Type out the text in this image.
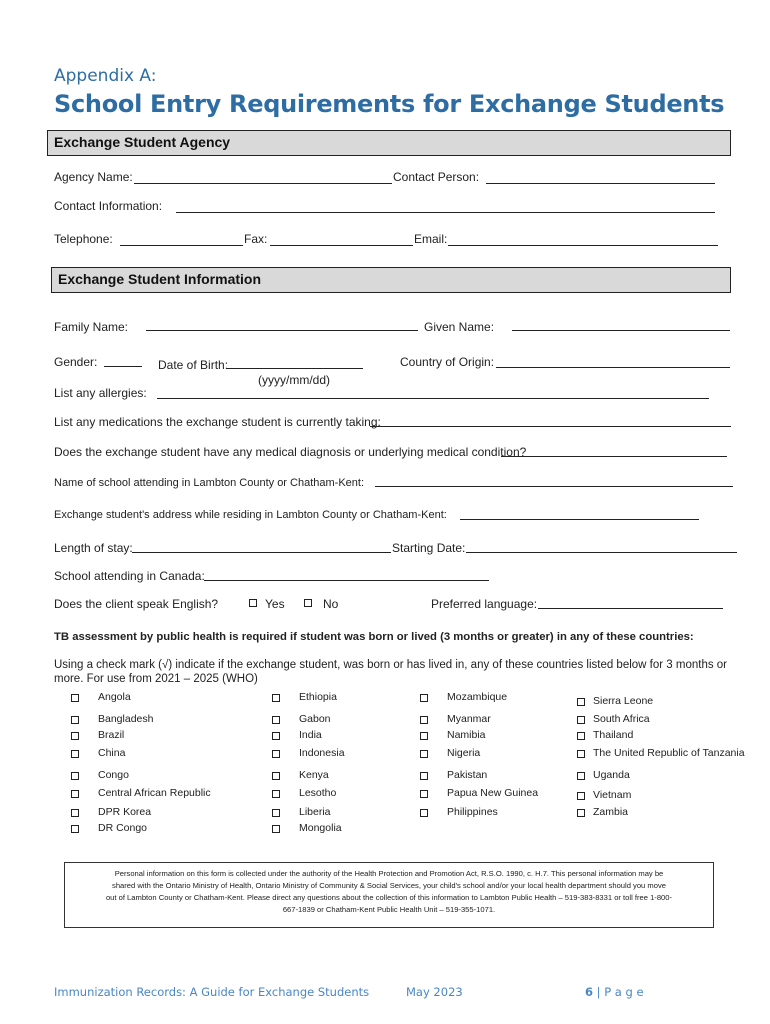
Appendix A:
School Entry Requirements for Exchange Students
Exchange Student Agency
Agency Name:	Contact Person:
Contact Information:
Telephone:	Fax:	Email:
Exchange Student Information
Family Name:	Given Name:
Gender:	Date of Birth:
(yyyy/mm/dd)
Country of Origin:
List any allergies:
List any medications the exchange student is currently taking:
Does the exchange student have any medical diagnosis or underlying medical condition?
Name of school attending in Lambton County or Chatham-Kent:
Exchange student's address while residing in Lambton County or Chatham-Kent:
Length of stay:	Starting Date:
School attending in Canada:
Does the client speak English?	Yes	No	Preferred language:
TB assessment by public health is required if student was born or lived (3 months or greater) in any of these countries:
Using a check mark (√) indicate if the exchange student, was born or has lived in, any of these countries listed below for 3 months or
more. For use from 2021 – 2025 (WHO)
Angola	Ethiopia	Mozambique	Sierra Leone
Bangladesh	Gabon	Myanmar	South Africa
Brazil	India	Namibia	Thailand
China	Indonesia	Nigeria	The United Republic of Tanzania
Congo	Kenya	Pakistan	Uganda
Central African Republic	Lesotho	Papua New Guinea	Vietnam
DPR Korea	Liberia	Philippines	Zambia
DR Congo	Mongolia
Personal information on this form is collected under the authority of the Health Protection and Promotion Act, R.S.O. 1990, c. H.7. This personal information may be
shared with the Ontario Ministry of Health, Ontario Ministry of Community & Social Services, your child's school and/or your local health department should you move
out of Lambton County or Chatham-Kent. Please direct any questions about the collection of this information to Lambton Public Health – 519-383-8331 or toll free 1-800-
667-1839 or Chatham-Kent Public Health Unit – 519-355-1071.
Immunization Records: A Guide for Exchange Students	May 2023	6 | P a g e
